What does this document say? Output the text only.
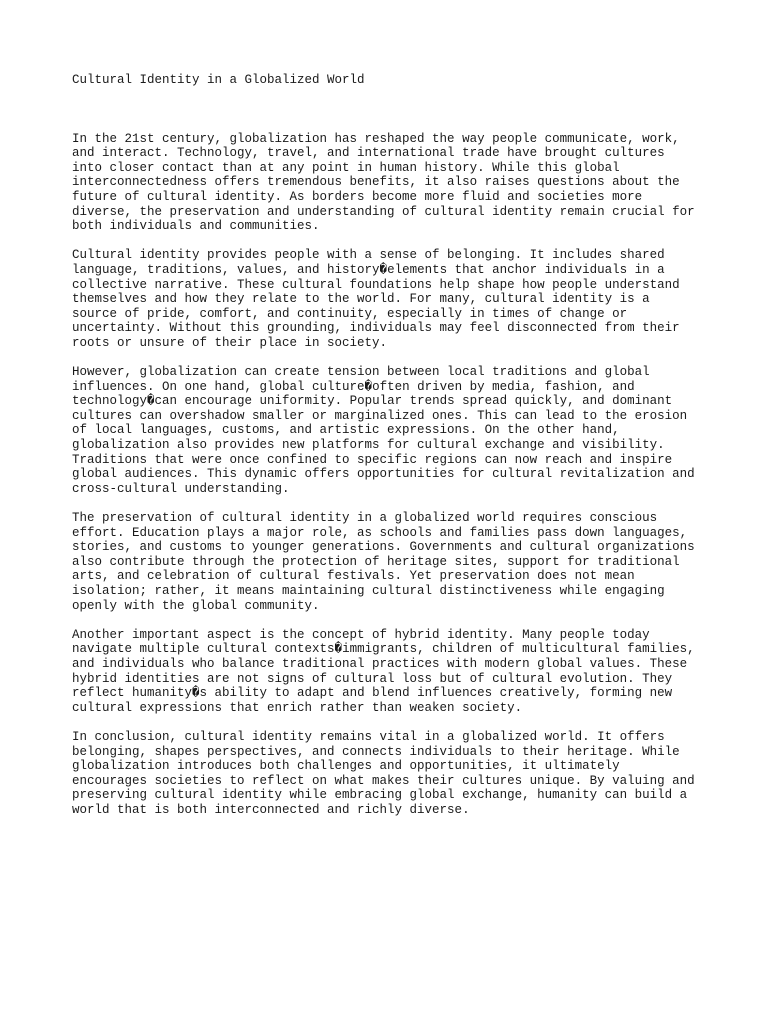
Cultural Identity in a Globalized World

In the 21st century, globalization has reshaped the way people communicate, work,
and interact. Technology, travel, and international trade have brought cultures
into closer contact than at any point in human history. While this global
interconnectedness offers tremendous benefits, it also raises questions about the
future of cultural identity. As borders become more fluid and societies more
diverse, the preservation and understanding of cultural identity remain crucial for
both individuals and communities.

Cultural identity provides people with a sense of belonging. It includes shared
language, traditions, values, and history�elements that anchor individuals in a
collective narrative. These cultural foundations help shape how people understand
themselves and how they relate to the world. For many, cultural identity is a
source of pride, comfort, and continuity, especially in times of change or
uncertainty. Without this grounding, individuals may feel disconnected from their
roots or unsure of their place in society.

However, globalization can create tension between local traditions and global
influences. On one hand, global culture�often driven by media, fashion, and
technology�can encourage uniformity. Popular trends spread quickly, and dominant
cultures can overshadow smaller or marginalized ones. This can lead to the erosion
of local languages, customs, and artistic expressions. On the other hand,
globalization also provides new platforms for cultural exchange and visibility.
Traditions that were once confined to specific regions can now reach and inspire
global audiences. This dynamic offers opportunities for cultural revitalization and
cross-cultural understanding.

The preservation of cultural identity in a globalized world requires conscious
effort. Education plays a major role, as schools and families pass down languages,
stories, and customs to younger generations. Governments and cultural organizations
also contribute through the protection of heritage sites, support for traditional
arts, and celebration of cultural festivals. Yet preservation does not mean
isolation; rather, it means maintaining cultural distinctiveness while engaging
openly with the global community.

Another important aspect is the concept of hybrid identity. Many people today
navigate multiple cultural contexts�immigrants, children of multicultural families,
and individuals who balance traditional practices with modern global values. These
hybrid identities are not signs of cultural loss but of cultural evolution. They
reflect humanity�s ability to adapt and blend influences creatively, forming new
cultural expressions that enrich rather than weaken society.

In conclusion, cultural identity remains vital in a globalized world. It offers
belonging, shapes perspectives, and connects individuals to their heritage. While
globalization introduces both challenges and opportunities, it ultimately
encourages societies to reflect on what makes their cultures unique. By valuing and
preserving cultural identity while embracing global exchange, humanity can build a
world that is both interconnected and richly diverse.
